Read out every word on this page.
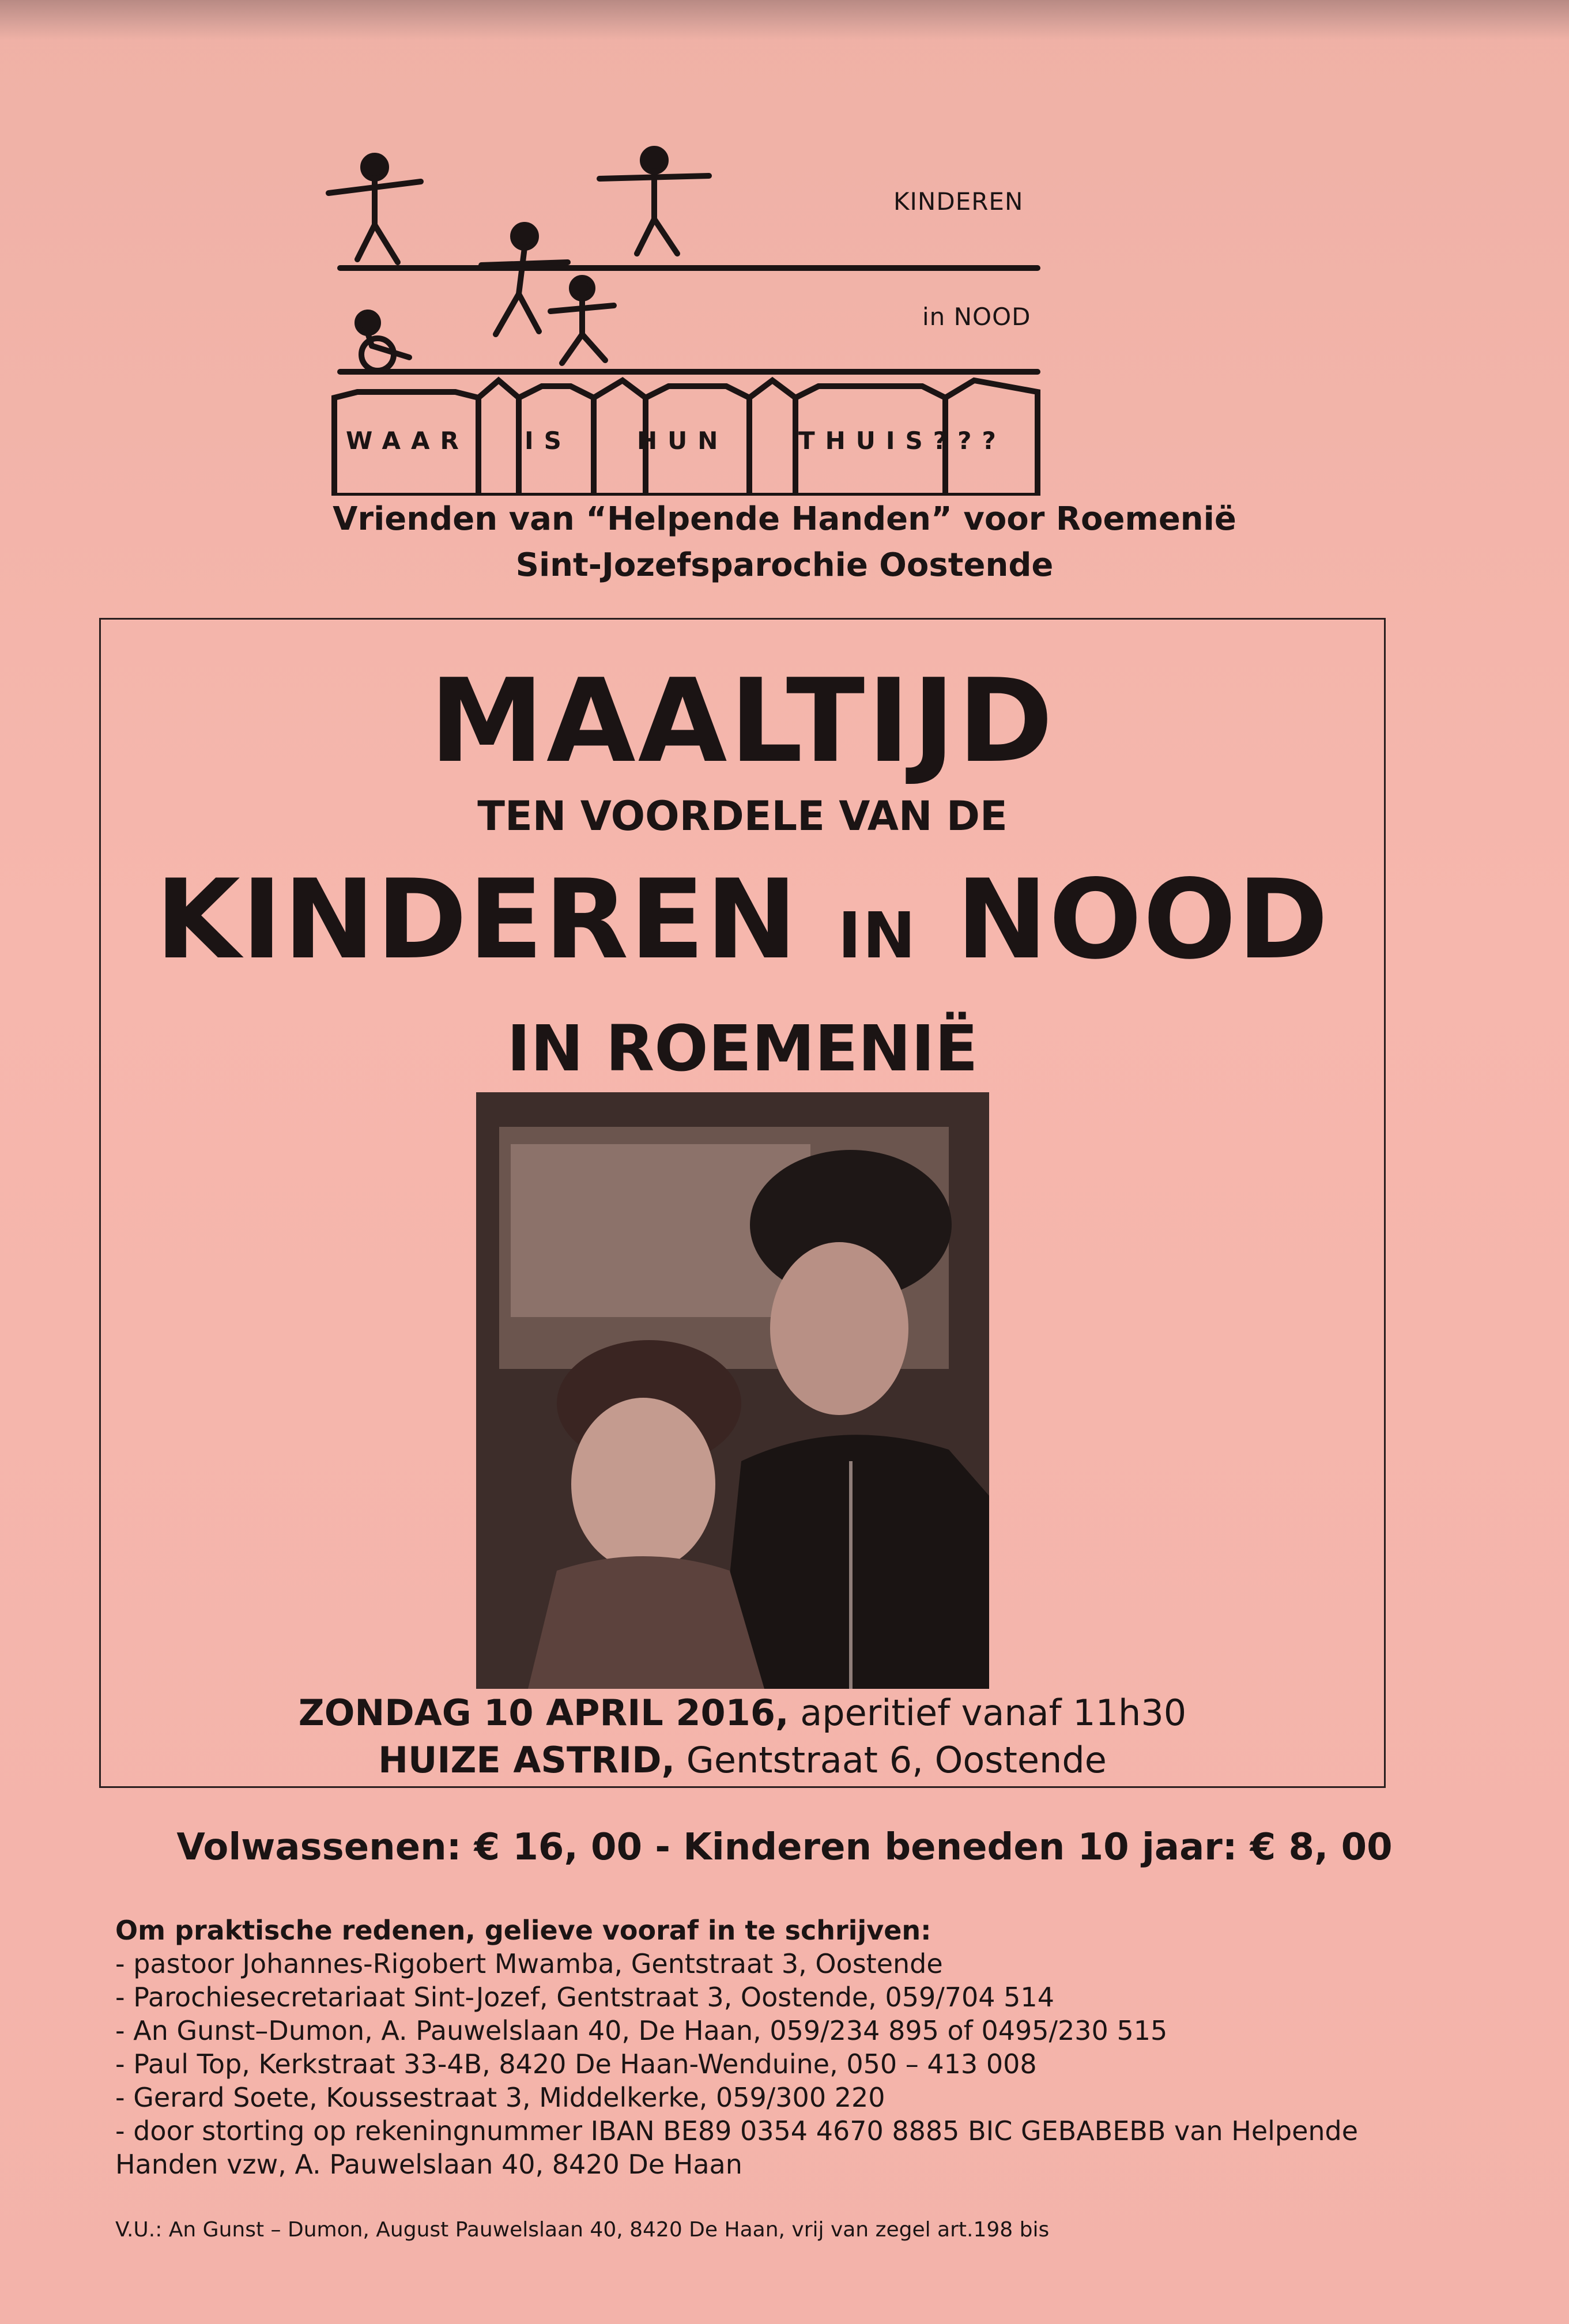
KINDEREN
in NOOD
WAAR IS	HUN	THUIS???
Vrienden van “Helpende Handen” voor Roemenië
Sint-Jozefsparochie Oostende
MAALTIJD
TEN VOORDELE VAN DE
KINDEREN IN NOOD
IN ROEMENIË
ZONDAG 10 APRIL 2016, aperitief vanaf 11h30
HUIZE ASTRID, Gentstraat 6, Oostende
Volwassenen: € 16, 00 - Kinderen beneden 10 jaar: € 8, 00
Om praktische redenen, gelieve vooraf in te schrijven:
- pastoor Johannes-Rigobert Mwamba, Gentstraat 3, Oostende
- Parochiesecretariaat Sint-Jozef, Gentstraat 3, Oostende, 059/704 514
- An Gunst–Dumon, A. Pauwelslaan 40, De Haan, 059/234 895 of 0495/230 515
- Paul Top, Kerkstraat 33-4B, 8420 De Haan-Wenduine, 050 – 413 008
- Gerard Soete, Koussestraat 3, Middelkerke, 059/300 220
- door storting op rekeningnummer IBAN BE89 0354 4670 8885 BIC GEBABEBB van Helpende
Handen vzw, A. Pauwelslaan 40, 8420 De Haan
V.U.: An Gunst – Dumon, August Pauwelslaan 40, 8420 De Haan, vrij van zegel art.198 bis
